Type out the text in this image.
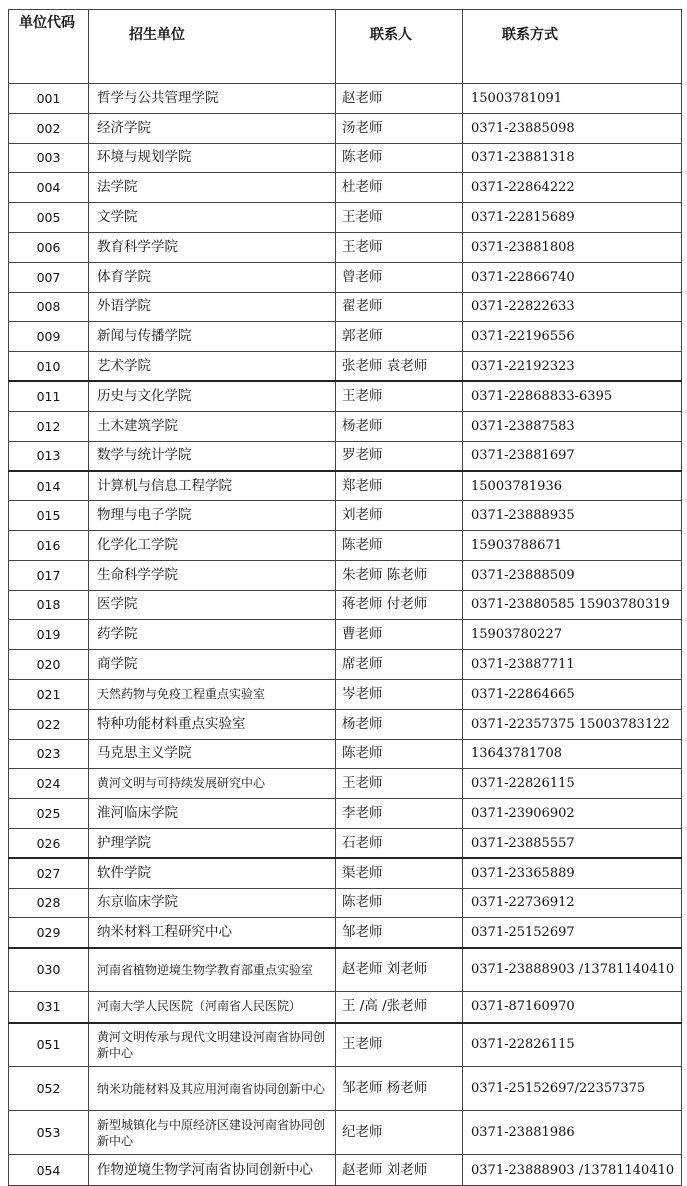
单位代码	招生单位	联系人	联系方式
001	哲学与公共管理学院	赵老师	15003781091
002	经济学院	汤老师	0371-23885098
003	环境与规划学院	陈老师	0371-23881318
004	法学院	杜老师	0371-22864222
005	文学院	王老师	0371-22815689
006	教育科学学院	王老师	0371-23881808
007	体育学院	曾老师	0371-22866740
008	外语学院	翟老师	0371-22822633
009	新闻与传播学院	郭老师	0371-22196556
010	艺术学院	张老师 袁老师	0371-22192323
011	历史与文化学院	王老师	0371-22868833-6395
012	土木建筑学院	杨老师	0371-23887583
013	数学与统计学院	罗老师	0371-23881697
014	计算机与信息工程学院	郑老师	15003781936
015	物理与电子学院	刘老师	0371-23888935
016	化学化工学院	陈老师	15903788671
017	生命科学学院	朱老师 陈老师	0371-23888509
018	医学院	蒋老师 付老师	0371-23880585 15903780319
019	药学院	曹老师	15903780227
020	商学院	席老师	0371-23887711
021	天然药物与免疫工程重点实验室	岑老师	0371-22864665
022	特种功能材料重点实验室	杨老师	0371-22357375 15003783122
023	马克思主义学院	陈老师	13643781708
024	黄河文明与可持续发展研究中心	王老师	0371-22826115
025	淮河临床学院	李老师	0371-23906902
026	护理学院	石老师	0371-23885557
027	软件学院	渠老师	0371-23365889
028	东京临床学院	陈老师	0371-22736912
029	纳米材料工程研究中心	邹老师	0371-25152697
030	河南省植物逆境生物学教育部重点实验室	赵老师 刘老师	0371-23888903 /13781140410
031	河南大学人民医院（河南省人民医院）	王 /高 /张老师	0371-87160970
051	黄河文明传承与现代文明建设河南省协同创新中心	王老师	0371-22826115
052	纳米功能材料及其应用河南省协同创新中心	邹老师 杨老师	0371-25152697/22357375
053	新型城镇化与中原经济区建设河南省协同创新中心	纪老师	0371-23881986
054	作物逆境生物学河南省协同创新中心	赵老师 刘老师	0371-23888903 /13781140410
